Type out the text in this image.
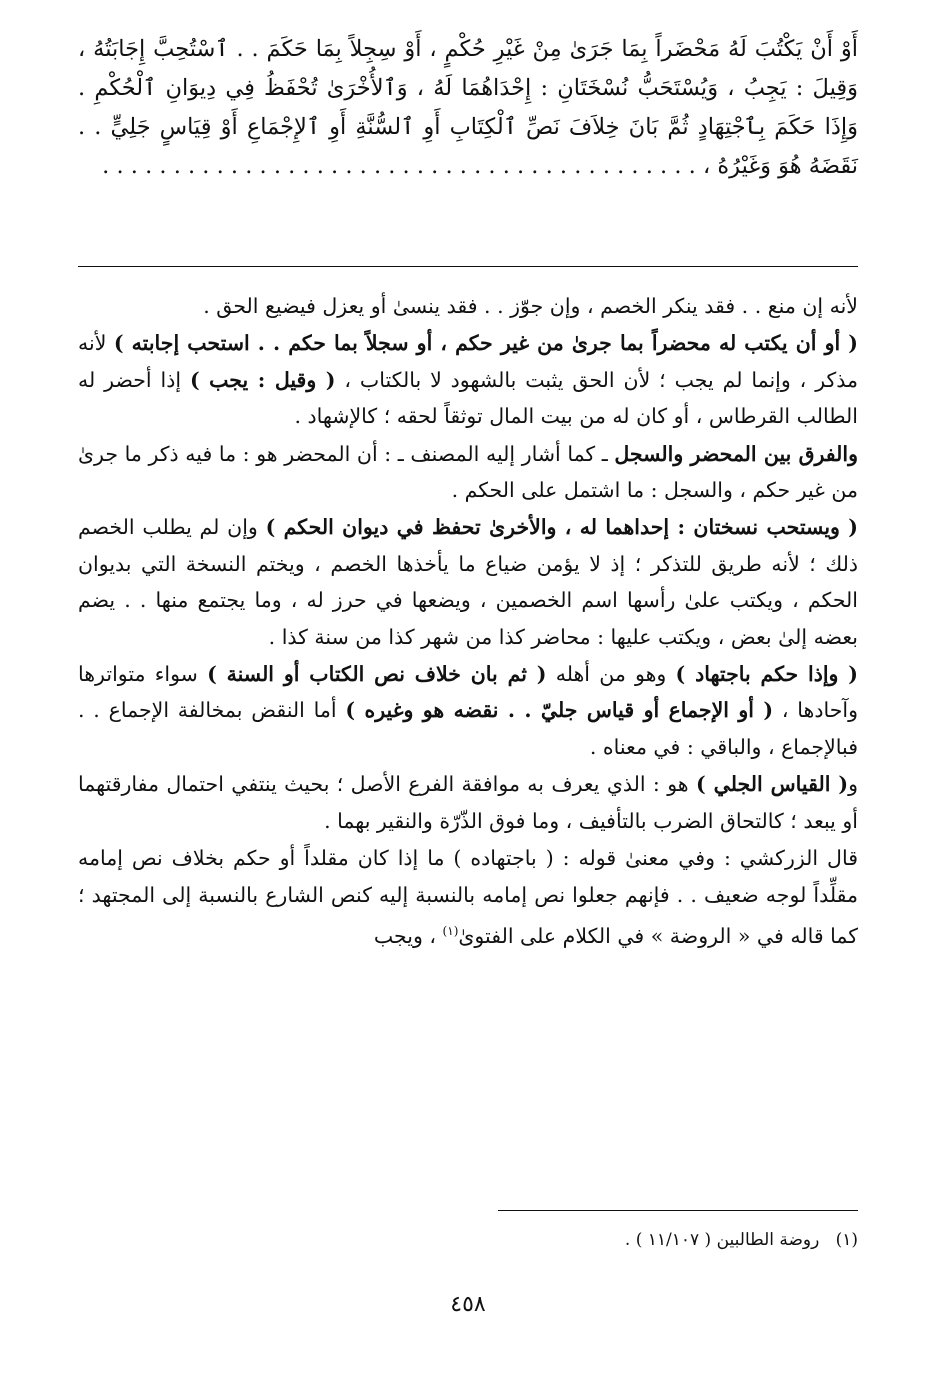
أَوْ أَنْ يَكْتُبَ لَهُ مَحْضَراً بِمَا جَرَىٰ مِنْ غَيْرِ حُكْمٍ ، أَوْ سِجِلاً بِمَا حَكَمَ . . ٱسْتُحِبَّ إِجَابَتُهُ ، وَقِيلَ : يَجِبُ ، وَيُسْتَحَبُّ نُسْخَتَانِ : إِحْدَاهُمَا لَهُ ، وَٱلأُخْرَىٰ تُحْفَظُ فِي دِيوَانِ ٱلْحُكْمِ . وَإِذَا حَكَمَ بِٱجْتِهَادٍ ثُمَّ بَانَ خِلاَفَ نَصِّ ٱلْكِتَابِ أَوِ ٱلسُّنَّةِ أَوِ ٱلإِجْمَاعِ أَوْ قِيَاسٍ جَلِيٍّ . . نَقَضَهُ هُوَ وَغَيْرُهُ ، . . . . . . . . . . . . . . . . . . . . . . . . . . . . . . . . . . . . . . . . . .

لأنه إن منع . . فقد ينكر الخصم ، وإن جوّز . . فقد ينسىٰ أو يعزل فيضيع الحق .

( أو أن يكتب له محضراً بما جرىٰ من غير حكم ، أو سجلاً بما حكم . . استحب إجابته ) لأنه مذكر ، وإنما لم يجب ؛ لأن الحق يثبت بالشهود لا بالكتاب ، ( وقيل : يجب ) إذا أحضر له الطالب القرطاس ، أو كان له من بيت المال توثقاً لحقه ؛ كالإشهاد .

والفرق بين المحضر والسجل ـ كما أشار إليه المصنف ـ : أن المحضر هو : ما فيه ذكر ما جرىٰ من غير حكم ، والسجل : ما اشتمل على الحكم .

( ويستحب نسختان : إحداهما له ، والأخرىٰ تحفظ في ديوان الحكم ) وإن لم يطلب الخصم ذلك ؛ لأنه طريق للتذكر ؛ إذ لا يؤمن ضياع ما يأخذها الخصم ، ويختم النسخة التي بديوان الحكم ، ويكتب علىٰ رأسها اسم الخصمين ، ويضعها في حرز له ، وما يجتمع منها . . يضم بعضه إلىٰ بعض ، ويكتب عليها : محاضر كذا من شهر كذا من سنة كذا .

( وإذا حكم باجتهاد ) وهو من أهله ( ثم بان خلاف نص الكتاب أو السنة ) سواء متواترها وآحادها ، ( أو الإجماع أو قياس جليّ . . نقضه هو وغيره ) أما النقض بمخالفة الإجماع . . فبالإجماع ، والباقي : في معناه .

و( القياس الجلي ) هو : الذي يعرف به موافقة الفرع الأصل ؛ بحيث ينتفي احتمال مفارقتهما أو يبعد ؛ كالتحاق الضرب بالتأفيف ، وما فوق الذّرّة والنقير بهما .

قال الزركشي : وفي معنىٰ قوله : ( باجتهاده ) ما إذا كان مقلداً أو حكم بخلاف نص إمامه مقلِّداً لوجه ضعيف . . فإنهم جعلوا نص إمامه بالنسبة إليه كنص الشارع بالنسبة إلى المجتهد ؛ كما قاله في « الروضة » في الكلام على الفتوىٰ$^{(١)}$ ، ويجب

(١)   روضة الطالبين ( ١١/١٠٧ ) .
٤٥٨
